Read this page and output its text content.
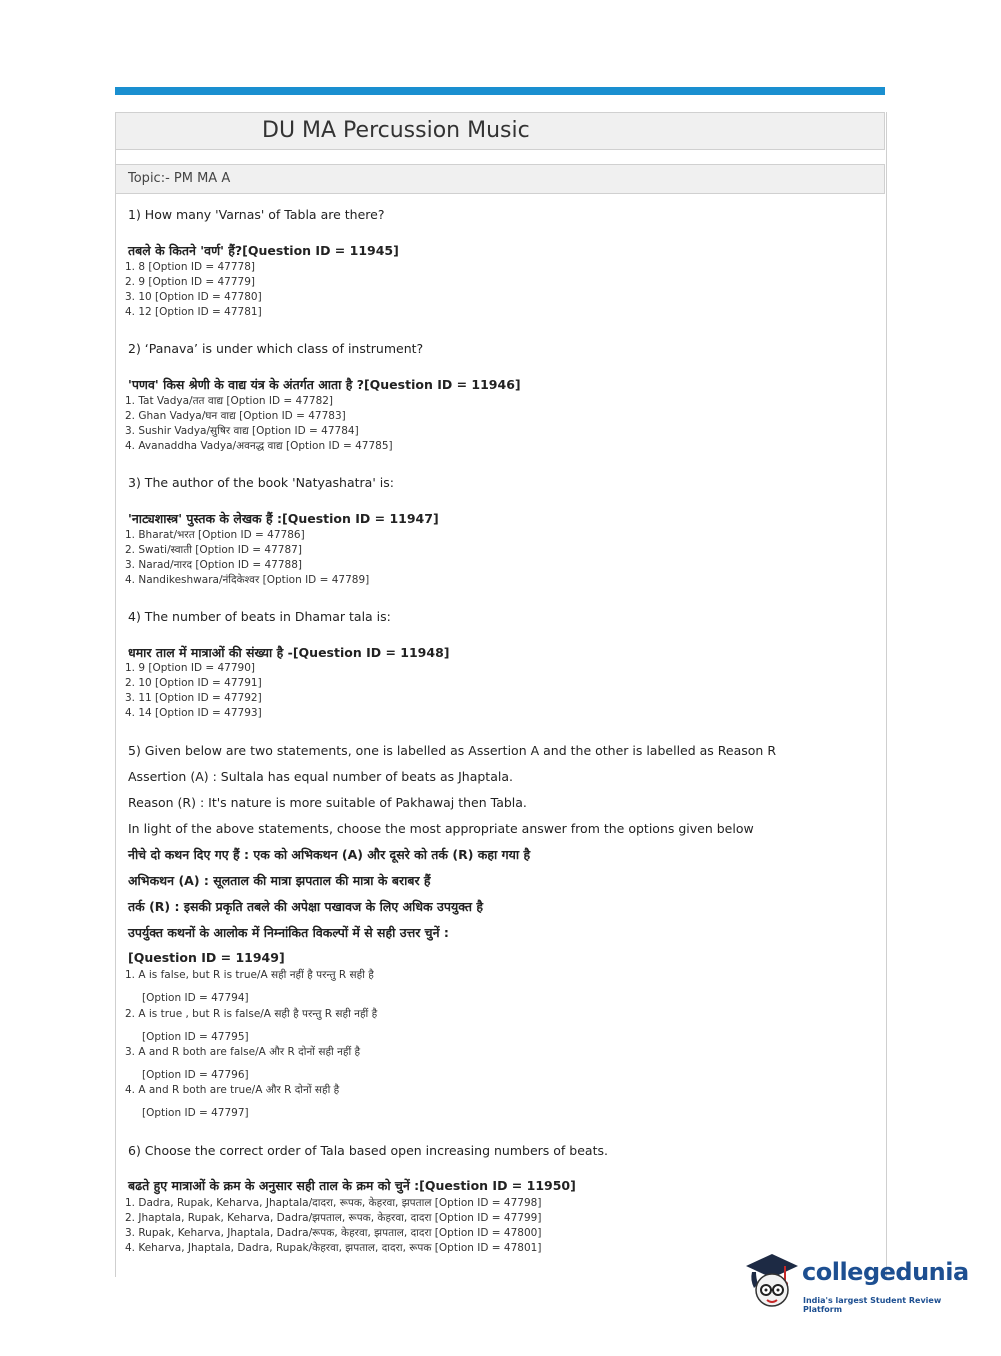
DU MA Percussion Music
Topic:- PM MA A
1) How many 'Varnas' of Tabla are there?
तबले के कितने 'वर्ण' हैं?[Question ID = 11945]
1. 8 [Option ID = 47778]
2. 9 [Option ID = 47779]
3. 10 [Option ID = 47780]
4. 12 [Option ID = 47781]
2) ‘Panava’ is under which class of instrument?
'पणव' किस श्रेणी के वाद्य यंत्र के अंतर्गत आता है ?[Question ID = 11946]
1. Tat Vadya/तत वाद्य [Option ID = 47782]
2. Ghan Vadya/घन वाद्य [Option ID = 47783]
3. Sushir Vadya/सुषिर वाद्य [Option ID = 47784]
4. Avanaddha Vadya/अवनद्ध वाद्य [Option ID = 47785]
3) The author of the book 'Natyashatra' is:
'नाट्यशास्त्र' पुस्तक के लेखक हैं :[Question ID = 11947]
1. Bharat/भरत [Option ID = 47786]
2. Swati/स्वाती [Option ID = 47787]
3. Narad/नारद [Option ID = 47788]
4. Nandikeshwara/नंदिकेश्वर [Option ID = 47789]
4) The number of beats in Dhamar tala is:
धमार ताल में मात्राओं की संख्या है -[Question ID = 11948]
1. 9 [Option ID = 47790]
2. 10 [Option ID = 47791]
3. 11 [Option ID = 47792]
4. 14 [Option ID = 47793]
5) Given below are two statements, one is labelled as Assertion A and the other is labelled as Reason R
Assertion (A) : Sultala has equal number of beats as Jhaptala.
Reason (R) : It's nature is more suitable of Pakhawaj then Tabla.
In light of the above statements, choose the most appropriate answer from the options given below
नीचे दो कथन दिए गए हैं : एक को अभिकथन (A) और दूसरे को तर्क (R) कहा गया है
अभिकथन (A) : सूलताल की मात्रा झपताल की मात्रा के बराबर हैं
तर्क (R) : इसकी प्रकृति तबले की अपेक्षा पखावज के लिए अधिक उपयुक्त है
उपर्युक्त कथनों के आलोक में निम्नांकित विकल्पों में से सही उत्तर चुनें :
[Question ID = 11949]
1. A is false, but R is true/A सही नहीं है परन्तु R सही है
[Option ID = 47794]
2. A is true , but R is false/A सही है परन्तु R सही नहीं है
[Option ID = 47795]
3. A and R both are false/A और R दोनों सही नहीं है
[Option ID = 47796]
4. A and R both are true/A और R दोनों सही है
[Option ID = 47797]
6) Choose the correct order of Tala based open increasing numbers of beats.
बढते हुए मात्राओं के क्रम के अनुसार सही ताल के क्रम को चुनें :[Question ID = 11950]
1. Dadra, Rupak, Keharva, Jhaptala/दादरा, रूपक, केहरवा, झपताल [Option ID = 47798]
2. Jhaptala, Rupak, Keharva, Dadra/झपताल, रूपक, केहरवा, दादरा [Option ID = 47799]
3. Rupak, Keharva, Jhaptala, Dadra/रूपक, केहरवा, झपताल, दादरा [Option ID = 47800]
4. Keharva, Jhaptala, Dadra, Rupak/केहरवा, झपताल, दादरा, रूपक [Option ID = 47801]
collegedunia
India's largest Student Review Platform
